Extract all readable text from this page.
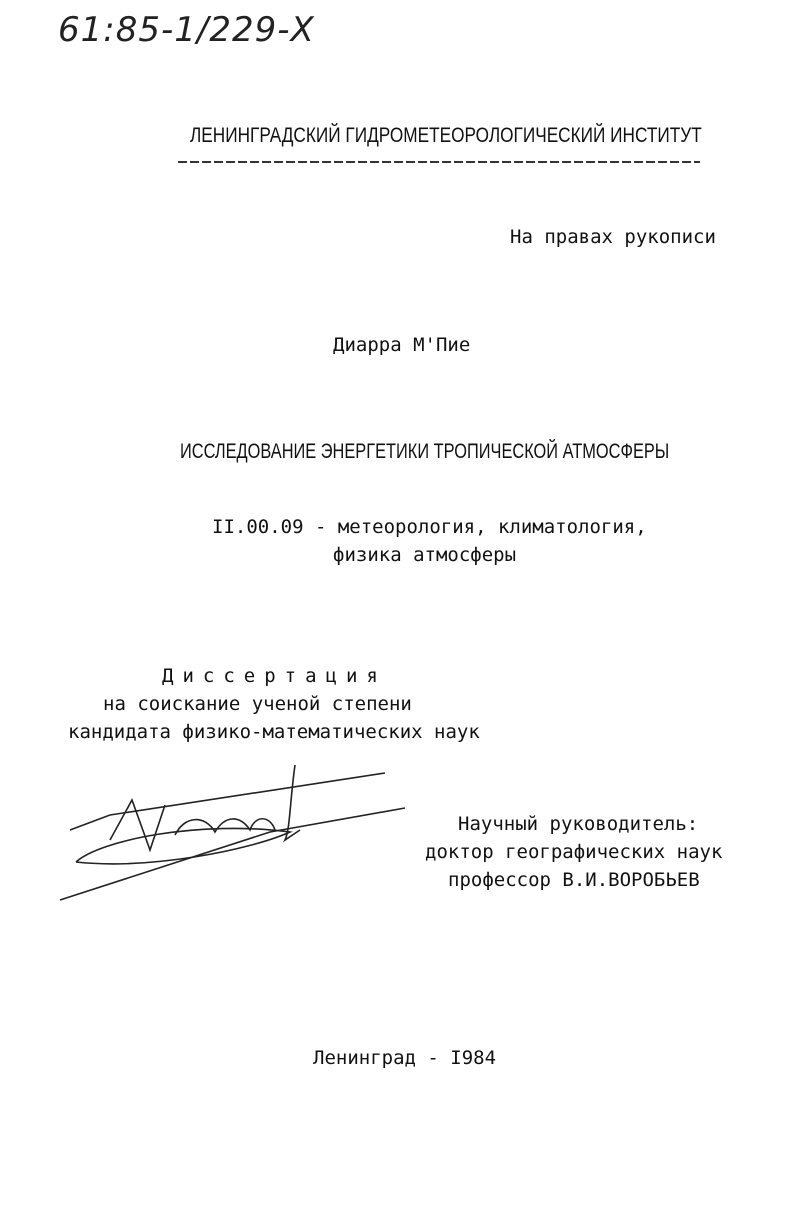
61:85-1/229-Х
ЛЕНИНГРАДСКИЙ ГИДРОМЕТЕОРОЛОГИЧЕСКИЙ ИНСТИТУТ
На правах рукописи
Диарра М'Пие
ИССЛЕДОВАНИЕ ЭНЕРГЕТИКИ ТРОПИЧЕСКОЙ АТМОСФЕРЫ
II.00.09 - метеорология, климатология,
физика атмосферы
Диссертация
на соискание ученой степени
кандидата физико-математических наук
Научный руководитель:
доктор географических наук
профессор В.И.ВОРОБЬЕВ
Ленинград - I984
